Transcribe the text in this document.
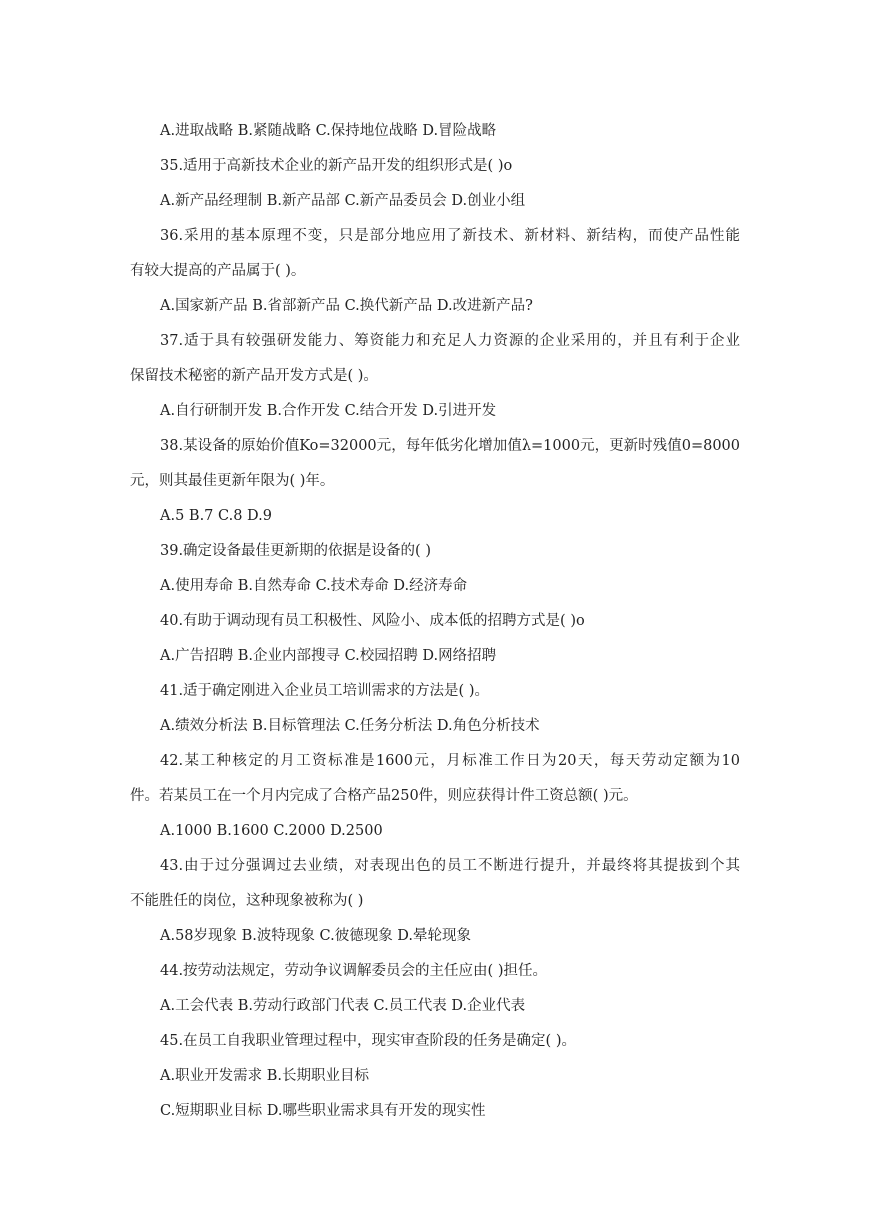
A.进取战略 B.紧随战略 C.保持地位战略 D.冒险战略
35.适用于高新技术企业的新产品开发的组织形式是( )o
A.新产品经理制 B.新产品部 C.新产品委员会 D.创业小组
36.采用的基本原理不变，只是部分地应用了新技术、新材料、新结构，而使产品性能
有较大提高的产品属于( )。
A.国家新产品 B.省部新产品 C.换代新产品 D.改进新产品?
37.适于具有较强研发能力、筹资能力和充足人力资源的企业采用的，并且有利于企业
保留技术秘密的新产品开发方式是( )。
A.自行研制开发 B.合作开发 C.结合开发 D.引进开发
38.某设备的原始价值Ko=32000元，每年低劣化增加值λ=1000元，更新时残值0=8000
元，则其最佳更新年限为( )年。
A.5 B.7 C.8 D.9
39.确定设备最佳更新期的依据是设备的( )
A.使用寿命 B.自然寿命 C.技术寿命 D.经济寿命
40.有助于调动现有员工积极性、风险小、成本低的招聘方式是( )o
A.广告招聘 B.企业内部搜寻 C.校园招聘 D.网络招聘
41.适于确定刚进入企业员工培训需求的方法是( )。
A.绩效分析法 B.目标管理法 C.任务分析法 D.角色分析技术
42.某工种核定的月工资标准是1600元，月标准工作日为20天，每天劳动定额为10
件。若某员工在一个月内完成了合格产品250件，则应获得计件工资总额( )元。
A.1000 B.1600 C.2000 D.2500
43.由于过分强调过去业绩，对表现出色的员工不断进行提升，并最终将其提拔到个其
不能胜任的岗位，这种现象被称为( )
A.58岁现象 B.波特现象 C.彼德现象 D.晕轮现象
44.按劳动法规定，劳动争议调解委员会的主任应由( )担任。
A.工会代表 B.劳动行政部门代表 C.员工代表 D.企业代表
45.在员工自我职业管理过程中，现实审查阶段的任务是确定( )。
A.职业开发需求 B.长期职业目标
C.短期职业目标 D.哪些职业需求具有开发的现实性
